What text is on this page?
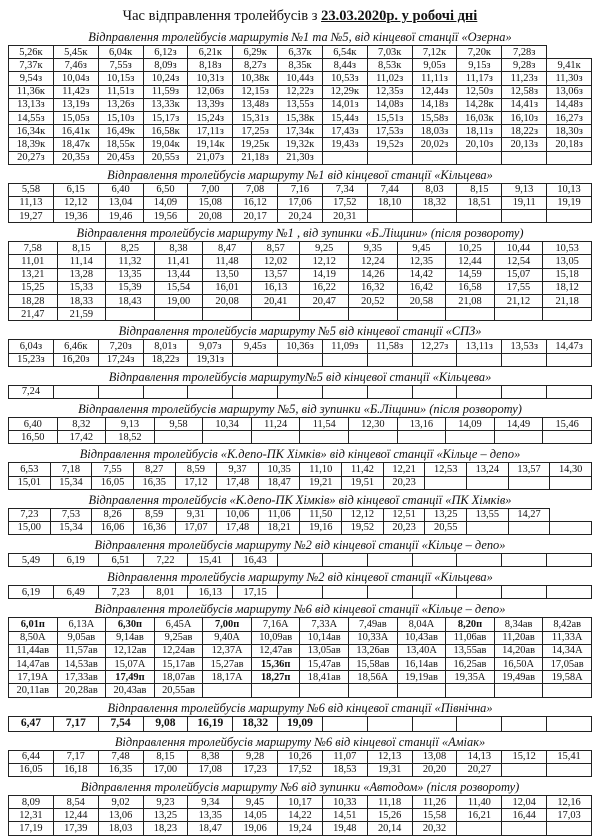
Час відправлення тролейбусів з 23.03.2020р. у робочі дні
Відправлення тролейбусів маршрутів №1 та №5, від кінцевої станції «Озерна»
5,26к	5,45к	6,04к	6,12з	6,21к	6,29к	6,37к	6,54к	7,03к	7,12к	7,20к	7,28з	
7,37к	7,46з	7,55з	8,09з	8,18з	8,27з	8,35к	8,44з	8,53к	9,05з	9,15з	9,28з	9,41к
9,54з	10,04з	10,15з	10,24з	10,31з	10,38к	10,44з	10,53з	11,02з	11,11з	11,17з	11,23з	11,30з
11,36к	11,42з	11,51з	11,59з	12,06з	12,15з	12,22з	12,29к	12,35з	12,44з	12,50з	12,58з	13,06з
13,13з	13,19з	13,26з	13,33к	13,39з	13,48з	13,55з	14,01з	14,08з	14,18з	14,28к	14,41з	14,48з
14,55з	15,05з	15,10з	15,17з	15,24з	15,31з	15,38к	15,44з	15,51з	15,58з	16,03к	16,10з	16,27з
16,34к	16,41к	16,49к	16,58к	17,11з	17,25з	17,34к	17,43з	17,53з	18,03з	18,11з	18,22з	18,30з
18,39к	18,47к	18,55к	19,04к	19,14к	19,25к	19,32к	19,43з	19,52з	20,02з	20,10з	20,13з	20,18з
20,27з	20,35з	20,45з	20,55з	21,07з	21,18з	21,30з						
Відправлення тролейбусів маршруту №1 від кінцевої станції «Кільцева»
5,58	6,15	6,40	6,50	7,00	7,08	7,16	7,34	7,44	8,03	8,15	9,13	10,13
11,13	12,12	13,04	14,09	15,08	16,12	17,06	17,52	18,10	18,32	18,51	19,11	19,19
19,27	19,36	19,46	19,56	20,08	20,17	20,24	20,31					
Відправлення тролейбусів маршруту №1 , від зупинки «Б.Ліщини» (після розвороту)
7,58	8,15	8,25	8,38	8,47	8,57	9,25	9,35	9,45	10,25	10,44	10,53
11,01	11,14	11,32	11,41	11,48	12,02	12,12	12,24	12,35	12,44	12,54	13,05
13,21	13,28	13,35	13,44	13,50	13,57	14,19	14,26	14,42	14,59	15,07	15,18
15,25	15,33	15,39	15,54	16,01	16,13	16,22	16,32	16,42	16,58	17,55	18,12
18,28	18,33	18,43	19,00	20,08	20,41	20,47	20,52	20,58	21,08	21,12	21,18
21,47	21,59										
Відправлення тролейбусів маршруту №5 від кінцевої станції «СПЗ»
6,04з	6,46к	7,20з	8,01з	9,07з	9,45з	10,36з	11,09з	11,58з	12,27з	13,11з	13,53з	14,47з
15,23з	16,20з	17,24з	18,22з	19,31з								
Відправлення тролейбусів маршруту№5 від кінцевої станції «Кільцева»
7,24												
Відправлення тролейбусів маршруту №5, від зупинки «Б.Ліщини» (після розвороту)
6,40	8,32	9,13	9,58	10,34	11,24	11,54	12,30	13,16	14,09	14,49	15,46
16,50	17,42	18,52									
Відправлення тролейбусів «К.депо-ПК Хімків» від кінцевої станції «Кільце – депо»
6,53	7,18	7,55	8,27	8,59	9,37	10,35	11,10	11,42	12,21	12,53	13,24	13,57	14,30
15,01	15,34	16,05	16,35	17,12	17,48	18,47	19,21	19,51	20,23				
Відправлення тролейбусів «К.депо-ПК Хімків» від кінцевої станції «ПК Хімків»
7,23	7,53	8,26	8,59	9,31	10,06	11,06	11,50	12,12	12,51	13,25	13,55	14,27	
15,00	15,34	16,06	16,36	17,07	17,48	18,21	19,16	19,52	20,23	20,55			
Відправлення тролейбусів маршруту №2 від кінцевої станції «Кільце – депо»
5,49	6,19	6,51	7,22	15,41	16,43							
Відправлення тролейбусів маршруту №2 від кінцевої станції «Кільцева»
6,19	6,49	7,23	8,01	16,13	17,15							
Відправлення тролейбусів маршруту №6 від кінцевої станції «Кільце – депо»
6,01п	6,13А	6,30п	6,45А	7,00п	7,16А	7,33А	7,49ав	8,04А	8,20п	8,34ав	8,42ав
8,50А	9,05ав	9,14ав	9,25ав	9,40А	10,09ав	10,14ав	10,33А	10,43ав	11,06ав	11,20ав	11,33А
11,44ав	11,57ав	12,12ав	12,24ав	12,37А	12,47ав	13,05ав	13,26ав	13,40А	13,55ав	14,20ав	14,34А
14,47ав	14,53ав	15,07А	15,17ав	15,27ав	15,36п	15,47ав	15,58ав	16,14ав	16,25ав	16,50А	17,05ав
17,19А	17,33ав	17,49п	18,07ав	18,17А	18,27п	18,41ав	18,56А	19,19ав	19,35А	19,49ав	19,58А
20,11ав	20,28ав	20,43ав	20,55ав								
Відправлення тролейбусів маршруту №6 від кінцевої станції «Північна»
6,47	7,17	7,54	9,08	16,19	18,32	19,09						
Відправлення тролейбусів маршруту №6 від кінцевої станції «Аміак»
6,44	7,17	7,48	8,15	8,38	9,28	10,26	11,07	12,13	13,08	14,13	15,12	15,41
16,05	16,18	16,35	17,00	17,08	17,23	17,52	18,53	19,31	20,20	20,27		
Відправлення тролейбусів маршруту №6 від зупинки «Автодом» (після розвороту)
8,09	8,54	9,02	9,23	9,34	9,45	10,17	10,33	11,18	11,26	11,40	12,04	12,16
12,31	12,44	13,06	13,25	13,35	14,05	14,22	14,51	15,26	15,58	16,21	16,44	17,03
17,19	17,39	18,03	18,23	18,47	19,06	19,24	19,48	20,14	20,32			
